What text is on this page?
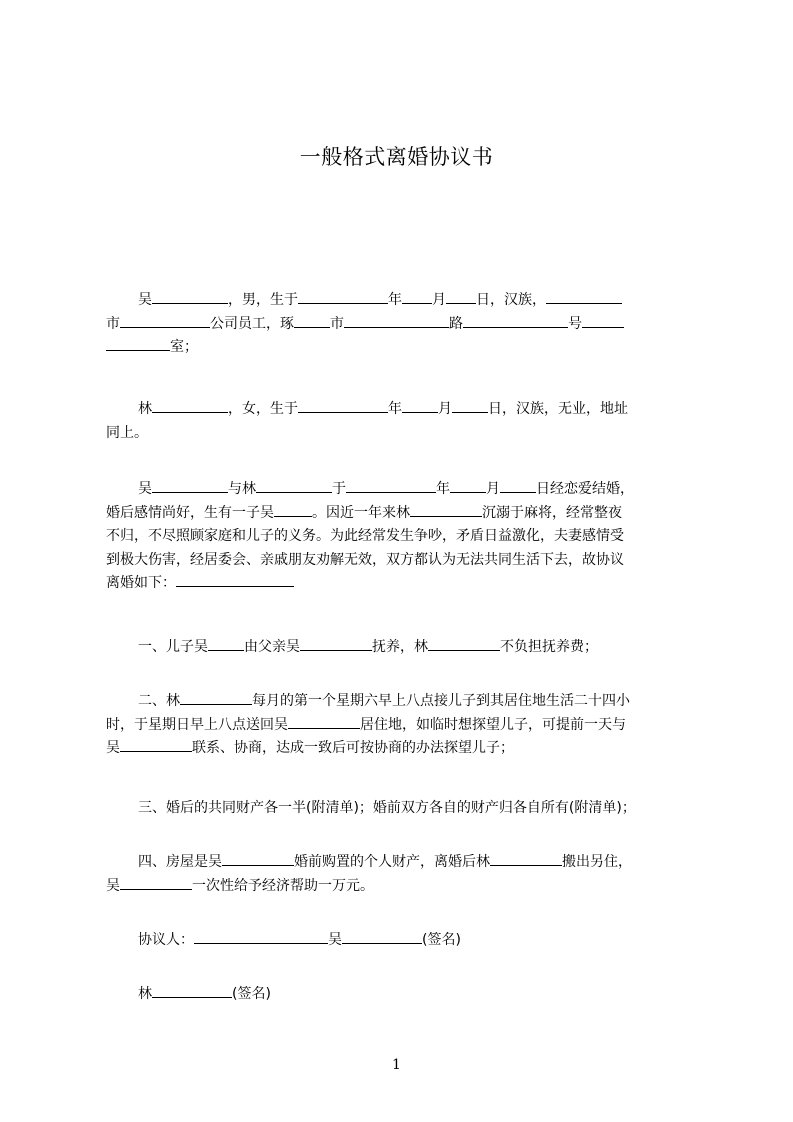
一般格式离婚协议书
吴	，男，生于	年 月 日，汉族，
市	公司员工，琢	市	路	号
室；
林	，女，生于	年	月	日，汉族，无业，地址
同上。
吴	与林	于	年	月	日经恋爱结婚，
婚后感情尚好，生有一子吴	。因近一年来林	沉溺于麻将，经常整夜
不归，不尽照顾家庭和儿子的义务。为此经常发生争吵，矛盾日益激化，夫妻感情受
到极大伤害，经居委会、亲戚朋友劝解无效，双方都认为无法共同生活下去，故协议
离婚如下：
一、儿子吴	由父亲吴	抚养，林	不负担抚养费；
二、林	每月的第一个星期六早上八点接儿子到其居住地生活二十四小
时，于星期日早上八点送回吴	居住地，如临时想探望儿子，可提前一天与
吴	联系、协商，达成一致后可按协商的办法探望儿子；
三、婚后的共同财产各一半(附清单)；婚前双方各自的财产归各自所有(附清单)；
四、房屋是吴	婚前购置的个人财产，离婚后林	搬出另住，
吴	一次性给予经济帮助一万元。
协议人：	吴	(签名)
林	(签名)
1
